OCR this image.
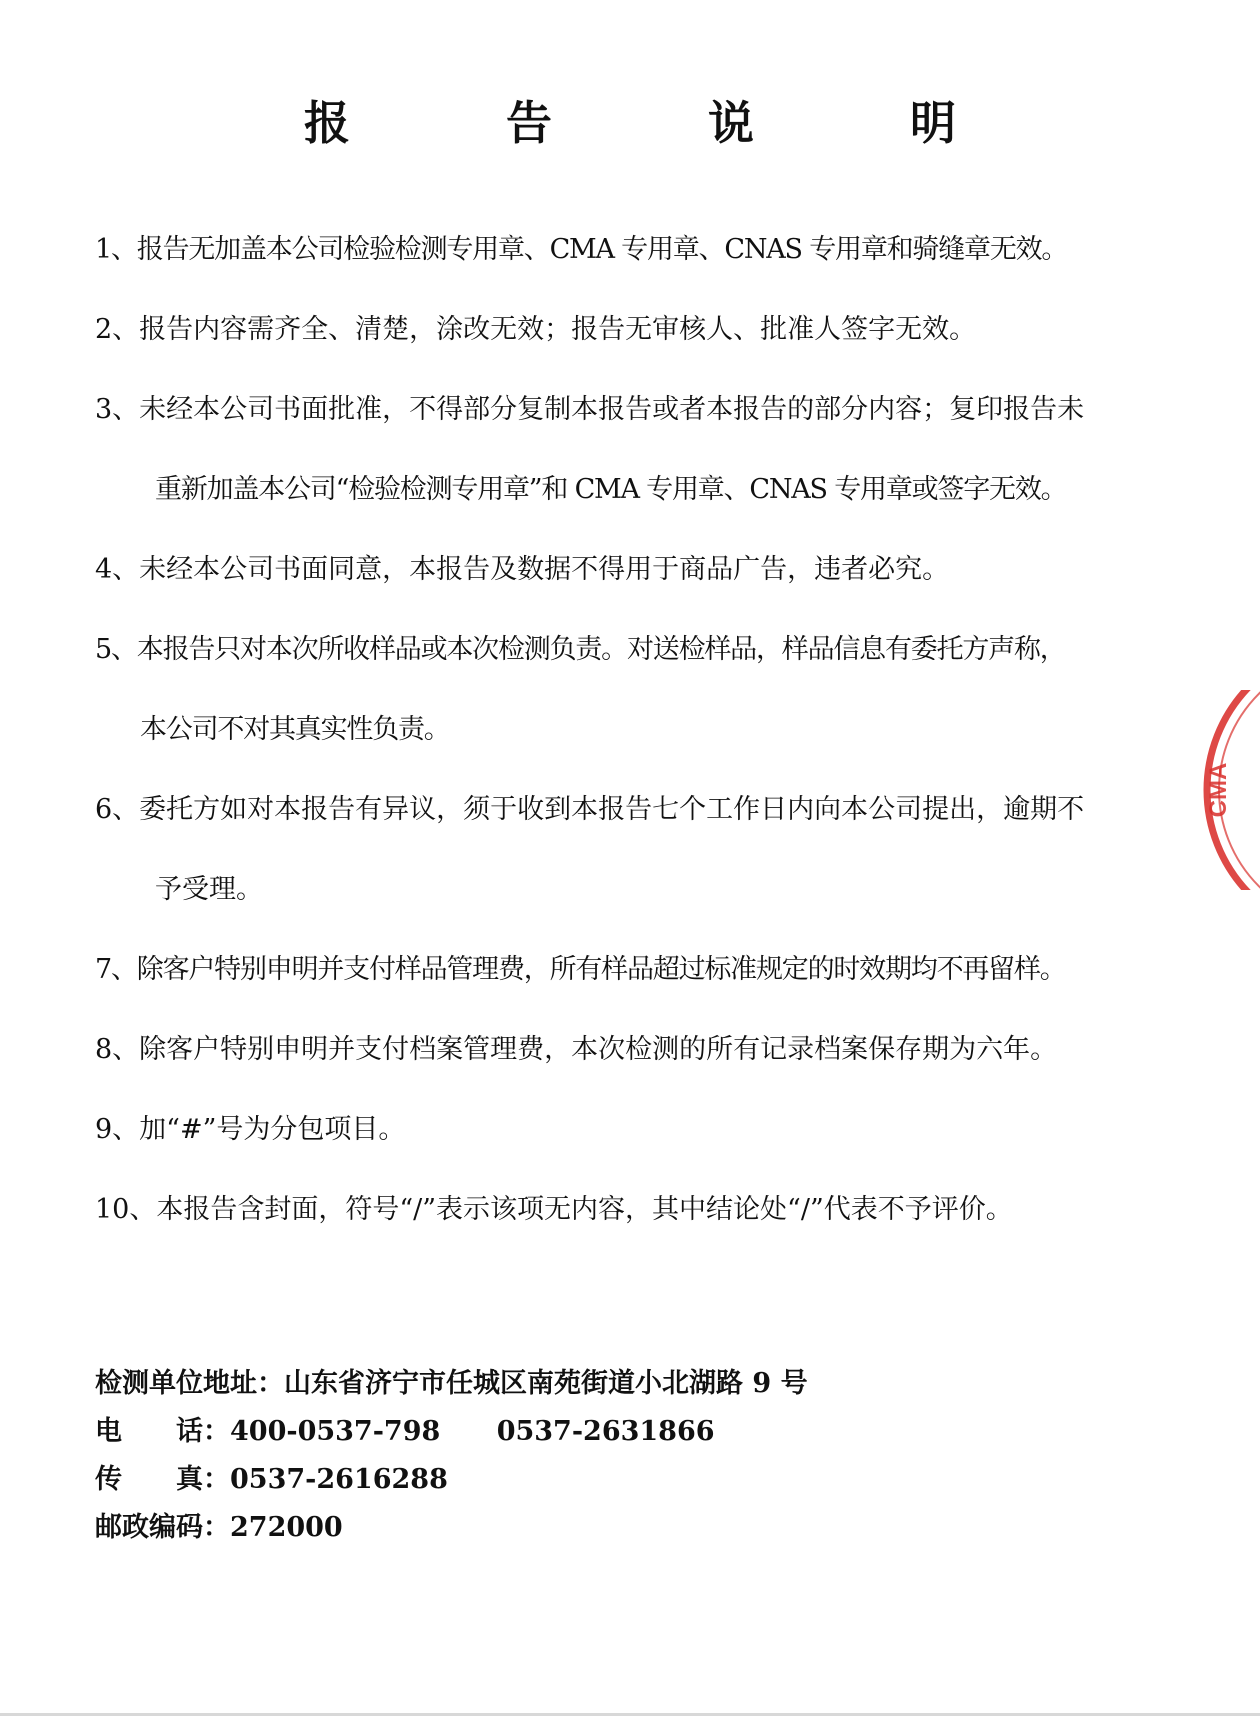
报 告 说 明
1、报告无加盖本公司检验检测专用章、CMA 专用章、CNAS 专用章和骑缝章无效。
2、报告内容需齐全、清楚，涂改无效；报告无审核人、批准人签字无效。
3、未经本公司书面批准，不得部分复制本报告或者本报告的部分内容；复印报告未
重新加盖本公司“检验检测专用章”和 CMA 专用章、CNAS 专用章或签字无效。
4、未经本公司书面同意，本报告及数据不得用于商品广告，违者必究。
5、本报告只对本次所收样品或本次检测负责。对送检样品，样品信息有委托方声称，
本公司不对其真实性负责。
6、委托方如对本报告有异议，须于收到本报告七个工作日内向本公司提出，逾期不
予受理。
7、除客户特别申明并支付样品管理费，所有样品超过标准规定的时效期均不再留样。
8、除客户特别申明并支付档案管理费，本次检测的所有记录档案保存期为六年。
9、加“#”号为分包项目。
10、本报告含封面，符号“/”表示该项无内容，其中结论处“/”代表不予评价。
检测单位地址：山东省济宁市任城区南苑街道小北湖路 9 号
电　　话：400-0537-798 0537-2631866
传　　真：0537-2616288
邮政编码：272000
CMA
